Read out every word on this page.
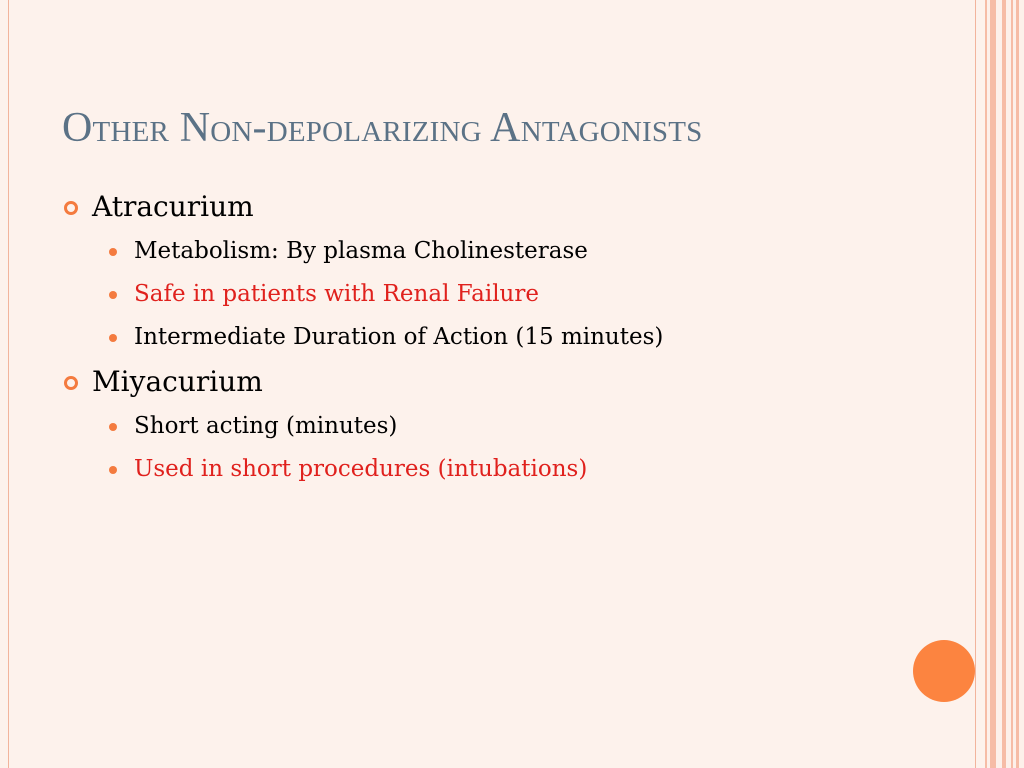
Other Non-depolarizing Antagonists
Atracurium
Metabolism: By plasma Cholinesterase
Safe in patients with Renal Failure
Intermediate Duration of Action (15 minutes)
Miyacurium
Short acting (minutes)
Used in short procedures (intubations)
